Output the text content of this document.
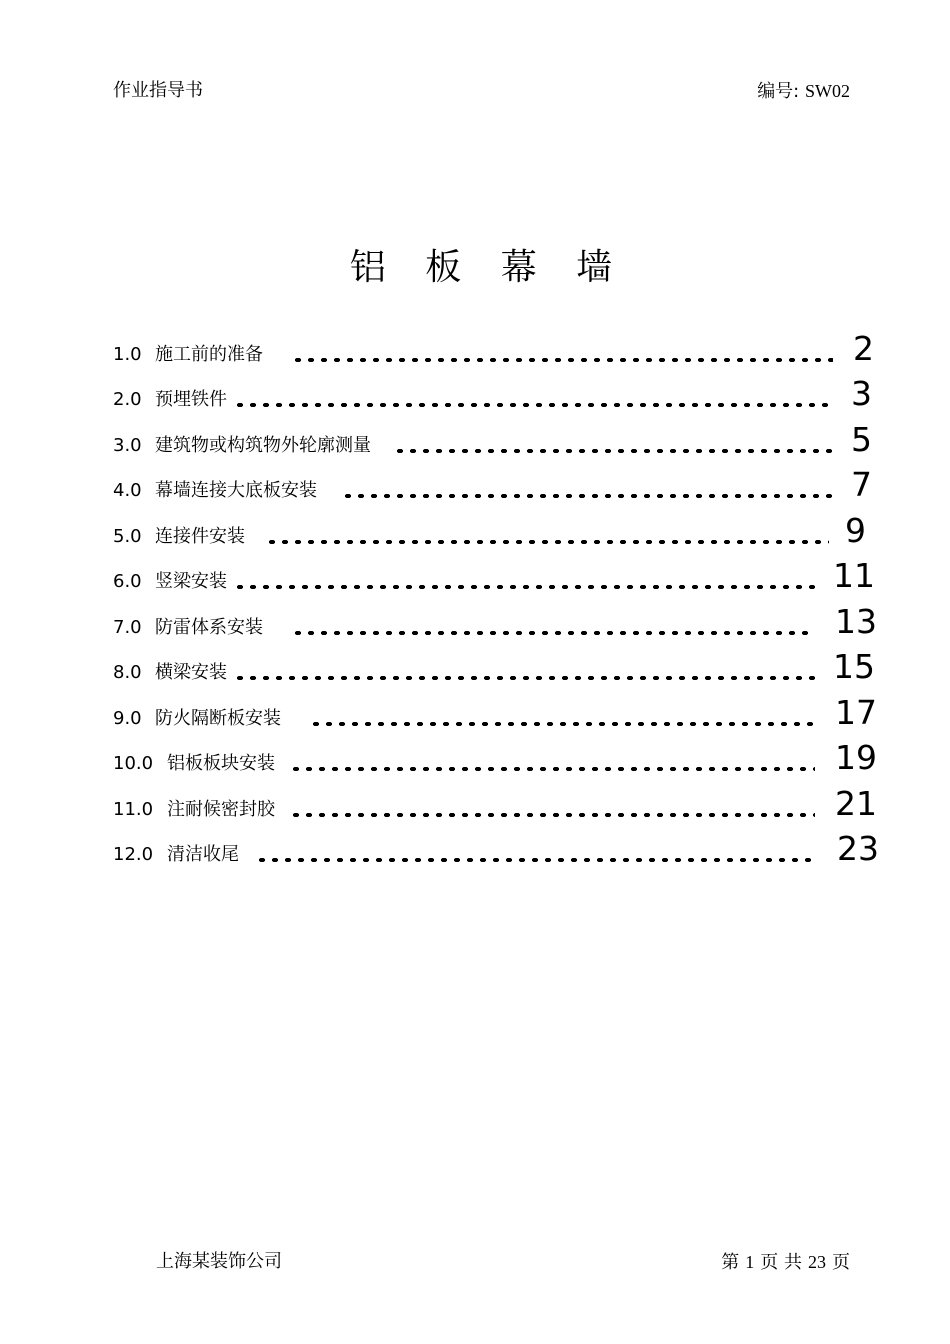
作业指导书	编号: SW02
铝 板 幕 墙
1.0 施工前的准备	2
2.0 预埋铁件	3
3.0 建筑物或构筑物外轮廓测量	5
4.0 幕墙连接大底板安装	7
5.0 连接件安装	9
6.0 竖梁安装	11
7.0 防雷体系安装	13
8.0 横梁安装	15
9.0 防火隔断板安装	17
10.0 铝板板块安装	19
11.0 注耐候密封胶	21
12.0 清洁收尾	23
上海某装饰公司	第 1 页 共 23 页
